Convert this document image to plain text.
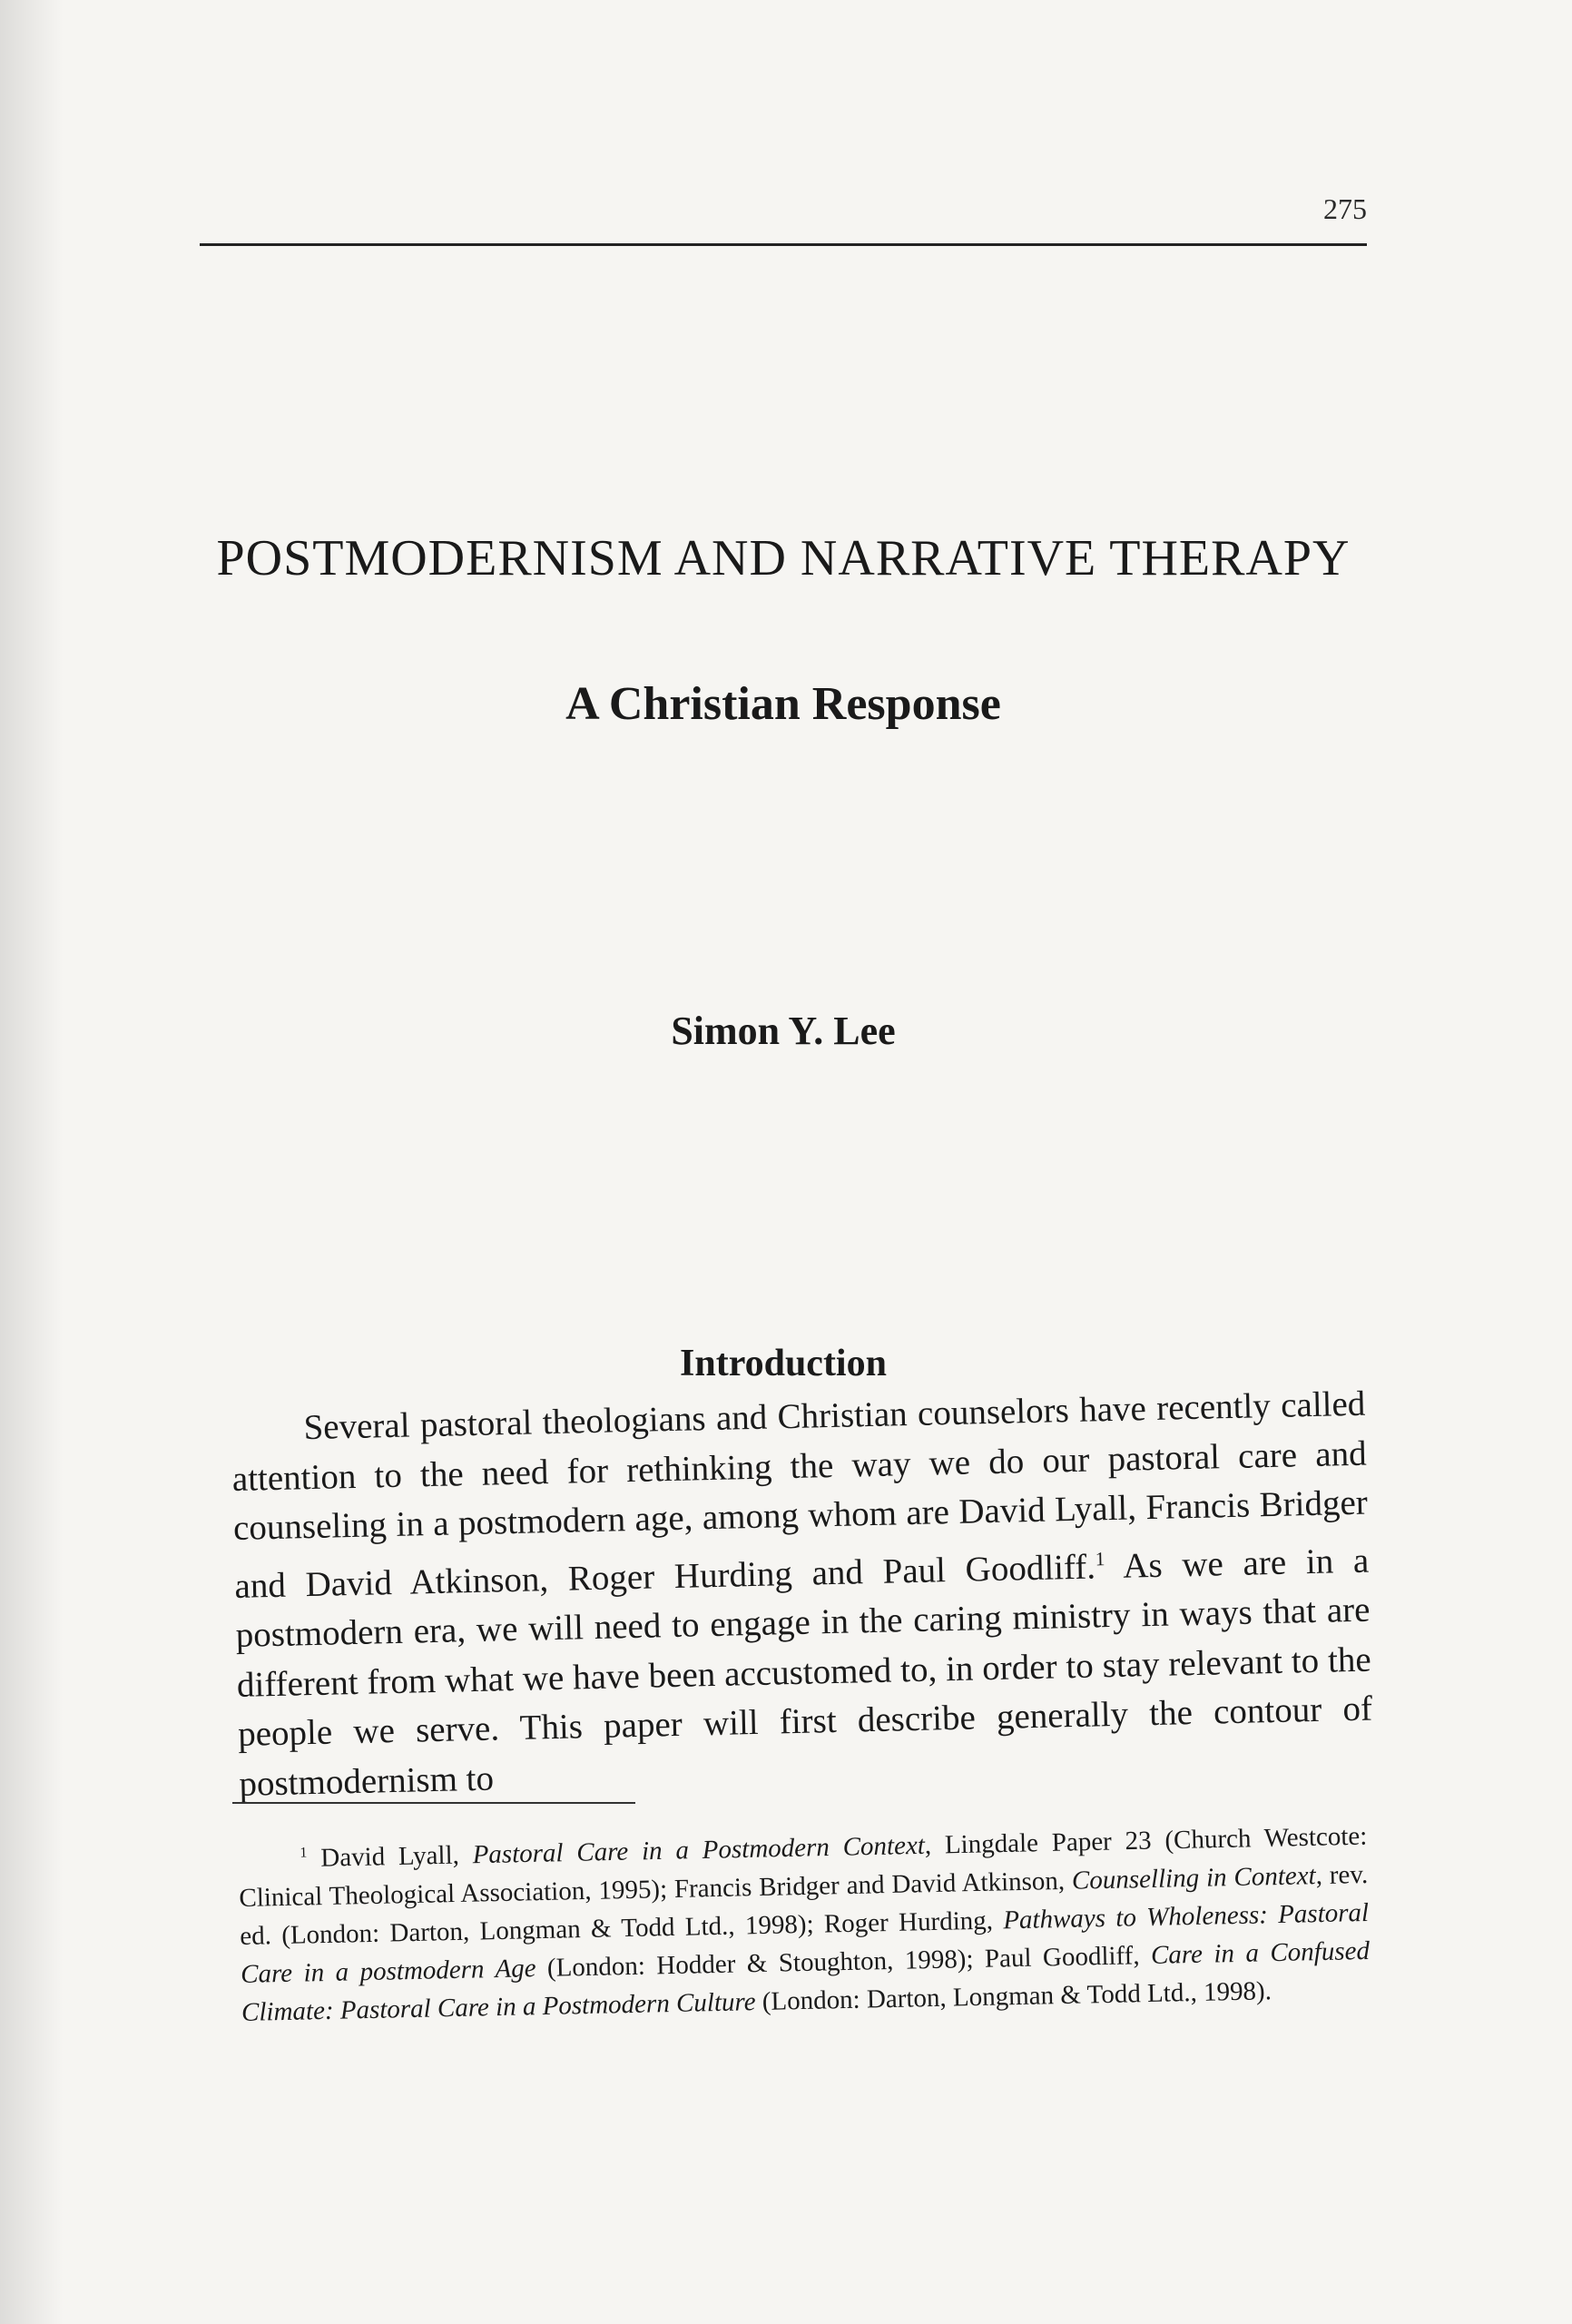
275
POSTMODERNISM AND NARRATIVE THERAPY
A Christian Response
Simon Y. Lee
Introduction

Several pastoral theologians and Christian counselors have recently called attention to the need for rethinking the way we do our pastoral care and counseling in a postmodern age, among whom are David Lyall, Francis Bridger and David Atkinson, Roger Hurding and Paul Goodliff.$^1$ As we are in a postmodern era, we will need to engage in the caring ministry in ways that are different from what we have been accustomed to, in order to stay relevant to the people we serve. This paper will first describe generally the contour of postmodernism to

$^1$ David Lyall, Pastoral Care in a Postmodern Context, Lingdale Paper 23 (Church Westcote: Clinical Theological Association, 1995); Francis Bridger and David Atkinson, Counselling in Context, rev. ed. (London: Darton, Longman & Todd Ltd., 1998); Roger Hurding, Pathways to Wholeness: Pastoral Care in a postmodern Age (London: Hodder & Stoughton, 1998); Paul Goodliff, Care in a Confused Climate: Pastoral Care in a Postmodern Culture (London: Darton, Longman & Todd Ltd., 1998).
